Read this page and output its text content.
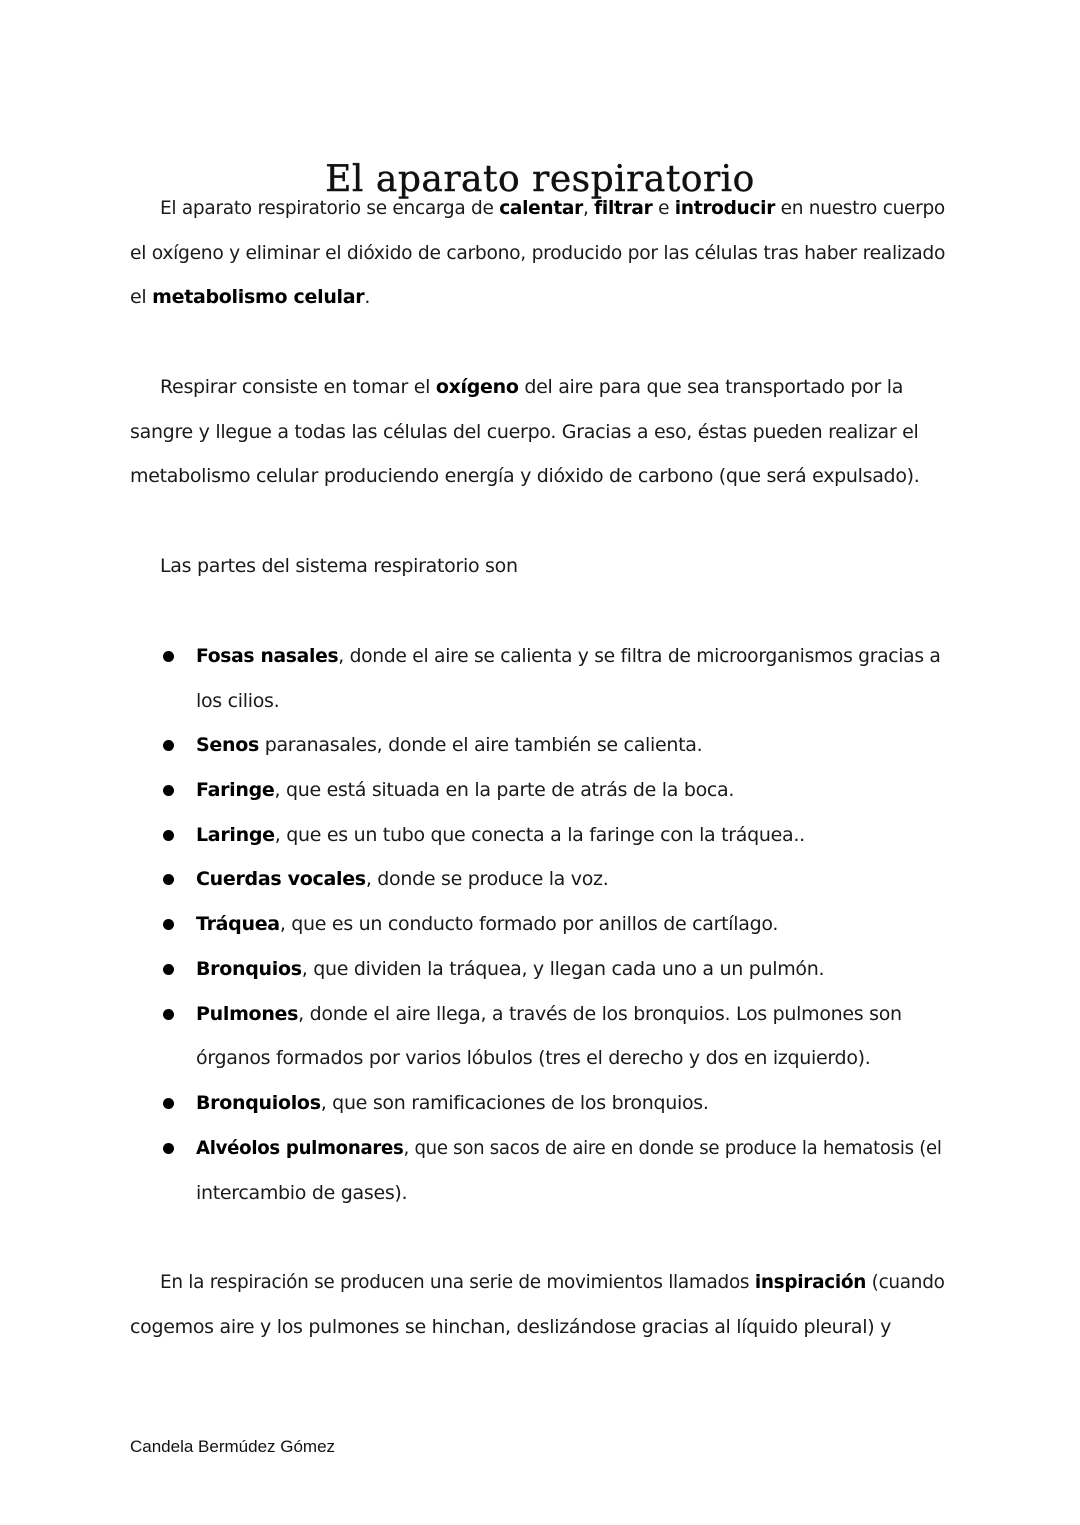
El aparato respiratorio
El aparato respiratorio se encarga de calentar, filtrar e introducir en nuestro cuerpo
el oxígeno y eliminar el dióxido de carbono, producido por las células tras haber realizado
el metabolismo celular.
Respirar consiste en tomar el oxígeno del aire para que sea transportado por la
sangre y llegue a todas las células del cuerpo. Gracias a eso, éstas pueden realizar el
metabolismo celular produciendo energía y dióxido de carbono (que será expulsado).
Las partes del sistema respiratorio son
Fosas nasales, donde el aire se calienta y se filtra de microorganismos gracias a
los cilios.
Senos paranasales, donde el aire también se calienta.
Faringe, que está situada en la parte de atrás de la boca.
Laringe, que es un tubo que conecta a la faringe con la tráquea..
Cuerdas vocales, donde se produce la voz.
Tráquea, que es un conducto formado por anillos de cartílago.
Bronquios, que dividen la tráquea, y llegan cada uno a un pulmón.
Pulmones, donde el aire llega, a través de los bronquios. Los pulmones son
órganos formados por varios lóbulos (tres el derecho y dos en izquierdo).
Bronquiolos, que son ramificaciones de los bronquios.
Alvéolos pulmonares, que son sacos de aire en donde se produce la hematosis (el
intercambio de gases).
En la respiración se producen una serie de movimientos llamados inspiración (cuando
cogemos aire y los pulmones se hinchan, deslizándose gracias al líquido pleural) y
Candela Bermúdez Gómez
